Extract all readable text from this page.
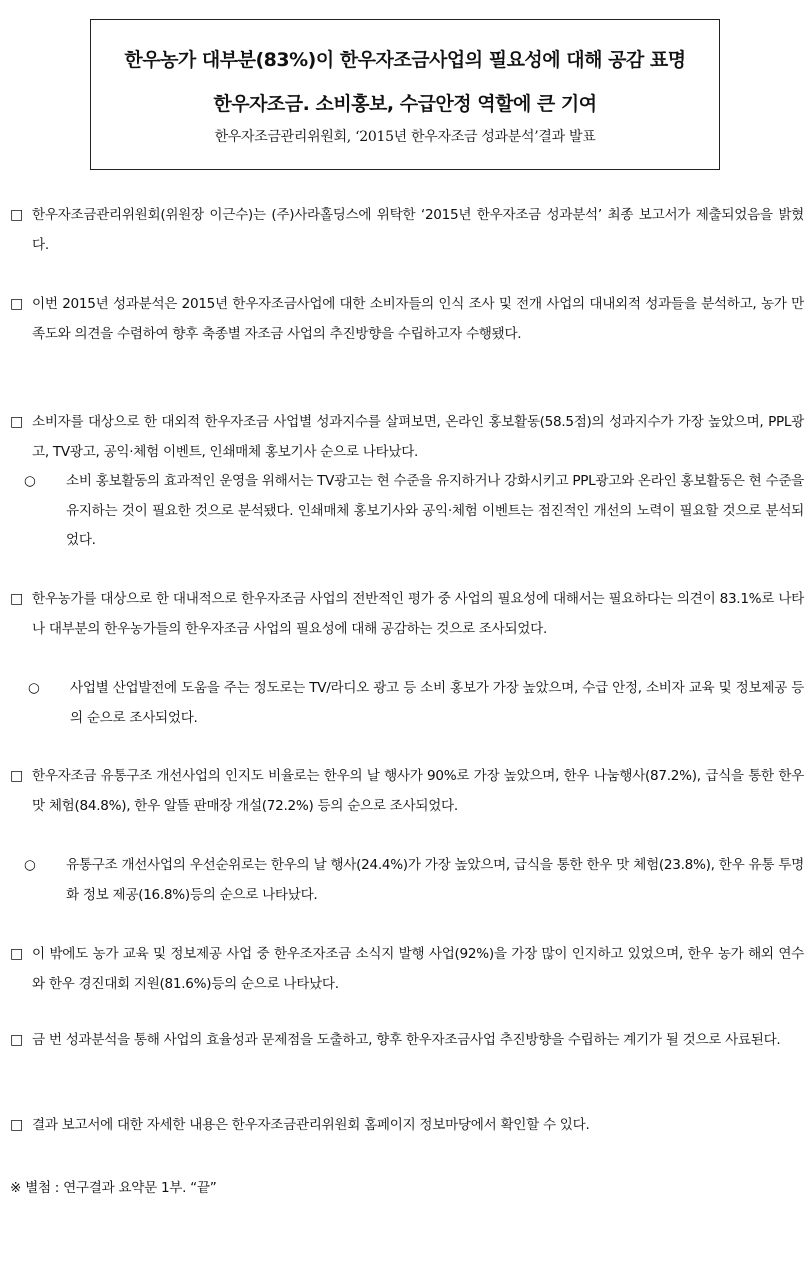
한우농가 대부분(83%)이 한우자조금사업의 필요성에 대해 공감 표명
한우자조금. 소비홍보, 수급안정 역할에 큰 기여
한우자조금관리위원회, ‘2015년 한우자조금 성과분석’결과 발표
□ 한우자조금관리위원회(위원장 이근수)는 (주)사라홀딩스에 위탁한 ‘2015년 한우자조금 성과분석’ 최종 보고서가 제출되었음을 밝혔다.
□ 이번 2015년 성과분석은 2015년 한우자조금사업에 대한 소비자들의 인식 조사 및 전개 사업의 대내외적 성과들을 분석하고, 농가 만족도와 의견을 수렴하여 향후 축종별 자조금 사업의 추진방향을 수립하고자 수행됐다.
□ 소비자를 대상으로 한 대외적 한우자조금 사업별 성과지수를 살펴보면, 온라인 홍보활동(58.5점)의 성과지수가 가장 높았으며, PPL광고, TV광고, 공익·체험 이벤트, 인쇄매체 홍보기사 순으로 나타났다.
○ 소비 홍보활동의 효과적인 운영을 위해서는 TV광고는 현 수준을 유지하거나 강화시키고 PPL광고와 온라인 홍보활동은 현 수준을 유지하는 것이 필요한 것으로 분석됐다. 인쇄매체 홍보기사와 공익·체험 이벤트는 점진적인 개선의 노력이 필요할 것으로 분석되었다.
□ 한우농가를 대상으로 한 대내적으로 한우자조금 사업의 전반적인 평가 중 사업의 필요성에 대해서는 필요하다는 의견이 83.1%로 나타나 대부분의 한우농가들의 한우자조금 사업의 필요성에 대해 공감하는 것으로 조사되었다.
○ 사업별 산업발전에 도움을 주는 정도로는 TV/라디오 광고 등 소비 홍보가 가장 높았으며, 수급 안정, 소비자 교육 및 정보제공 등의 순으로 조사되었다.
□ 한우자조금 유통구조 개선사업의 인지도 비율로는 한우의 날 행사가 90%로 가장 높았으며, 한우 나눔행사(87.2%), 급식을 통한 한우 맛 체험(84.8%), 한우 알뜰 판매장 개설(72.2%) 등의 순으로 조사되었다.
○ 유통구조 개선사업의 우선순위로는 한우의 날 행사(24.4%)가 가장 높았으며, 급식을 통한 한우 맛 체험(23.8%), 한우 유통 투명화 정보 제공(16.8%)등의 순으로 나타났다.
□ 이 밖에도 농가 교육 및 정보제공 사업 중 한우조자조금 소식지 발행 사업(92%)을 가장 많이 인지하고 있었으며, 한우 농가 해외 연수와 한우 경진대회 지원(81.6%)등의 순으로 나타났다.
□ 금 번 성과분석을 통해 사업의 효율성과 문제점을 도출하고, 향후 한우자조금사업 추진방향을 수립하는 계기가 될 것으로 사료된다.
□ 결과 보고서에 대한 자세한 내용은 한우자조금관리위원회 홈페이지 정보마당에서 확인할 수 있다.
※ 별첨 : 연구결과 요약문 1부. “끝”
